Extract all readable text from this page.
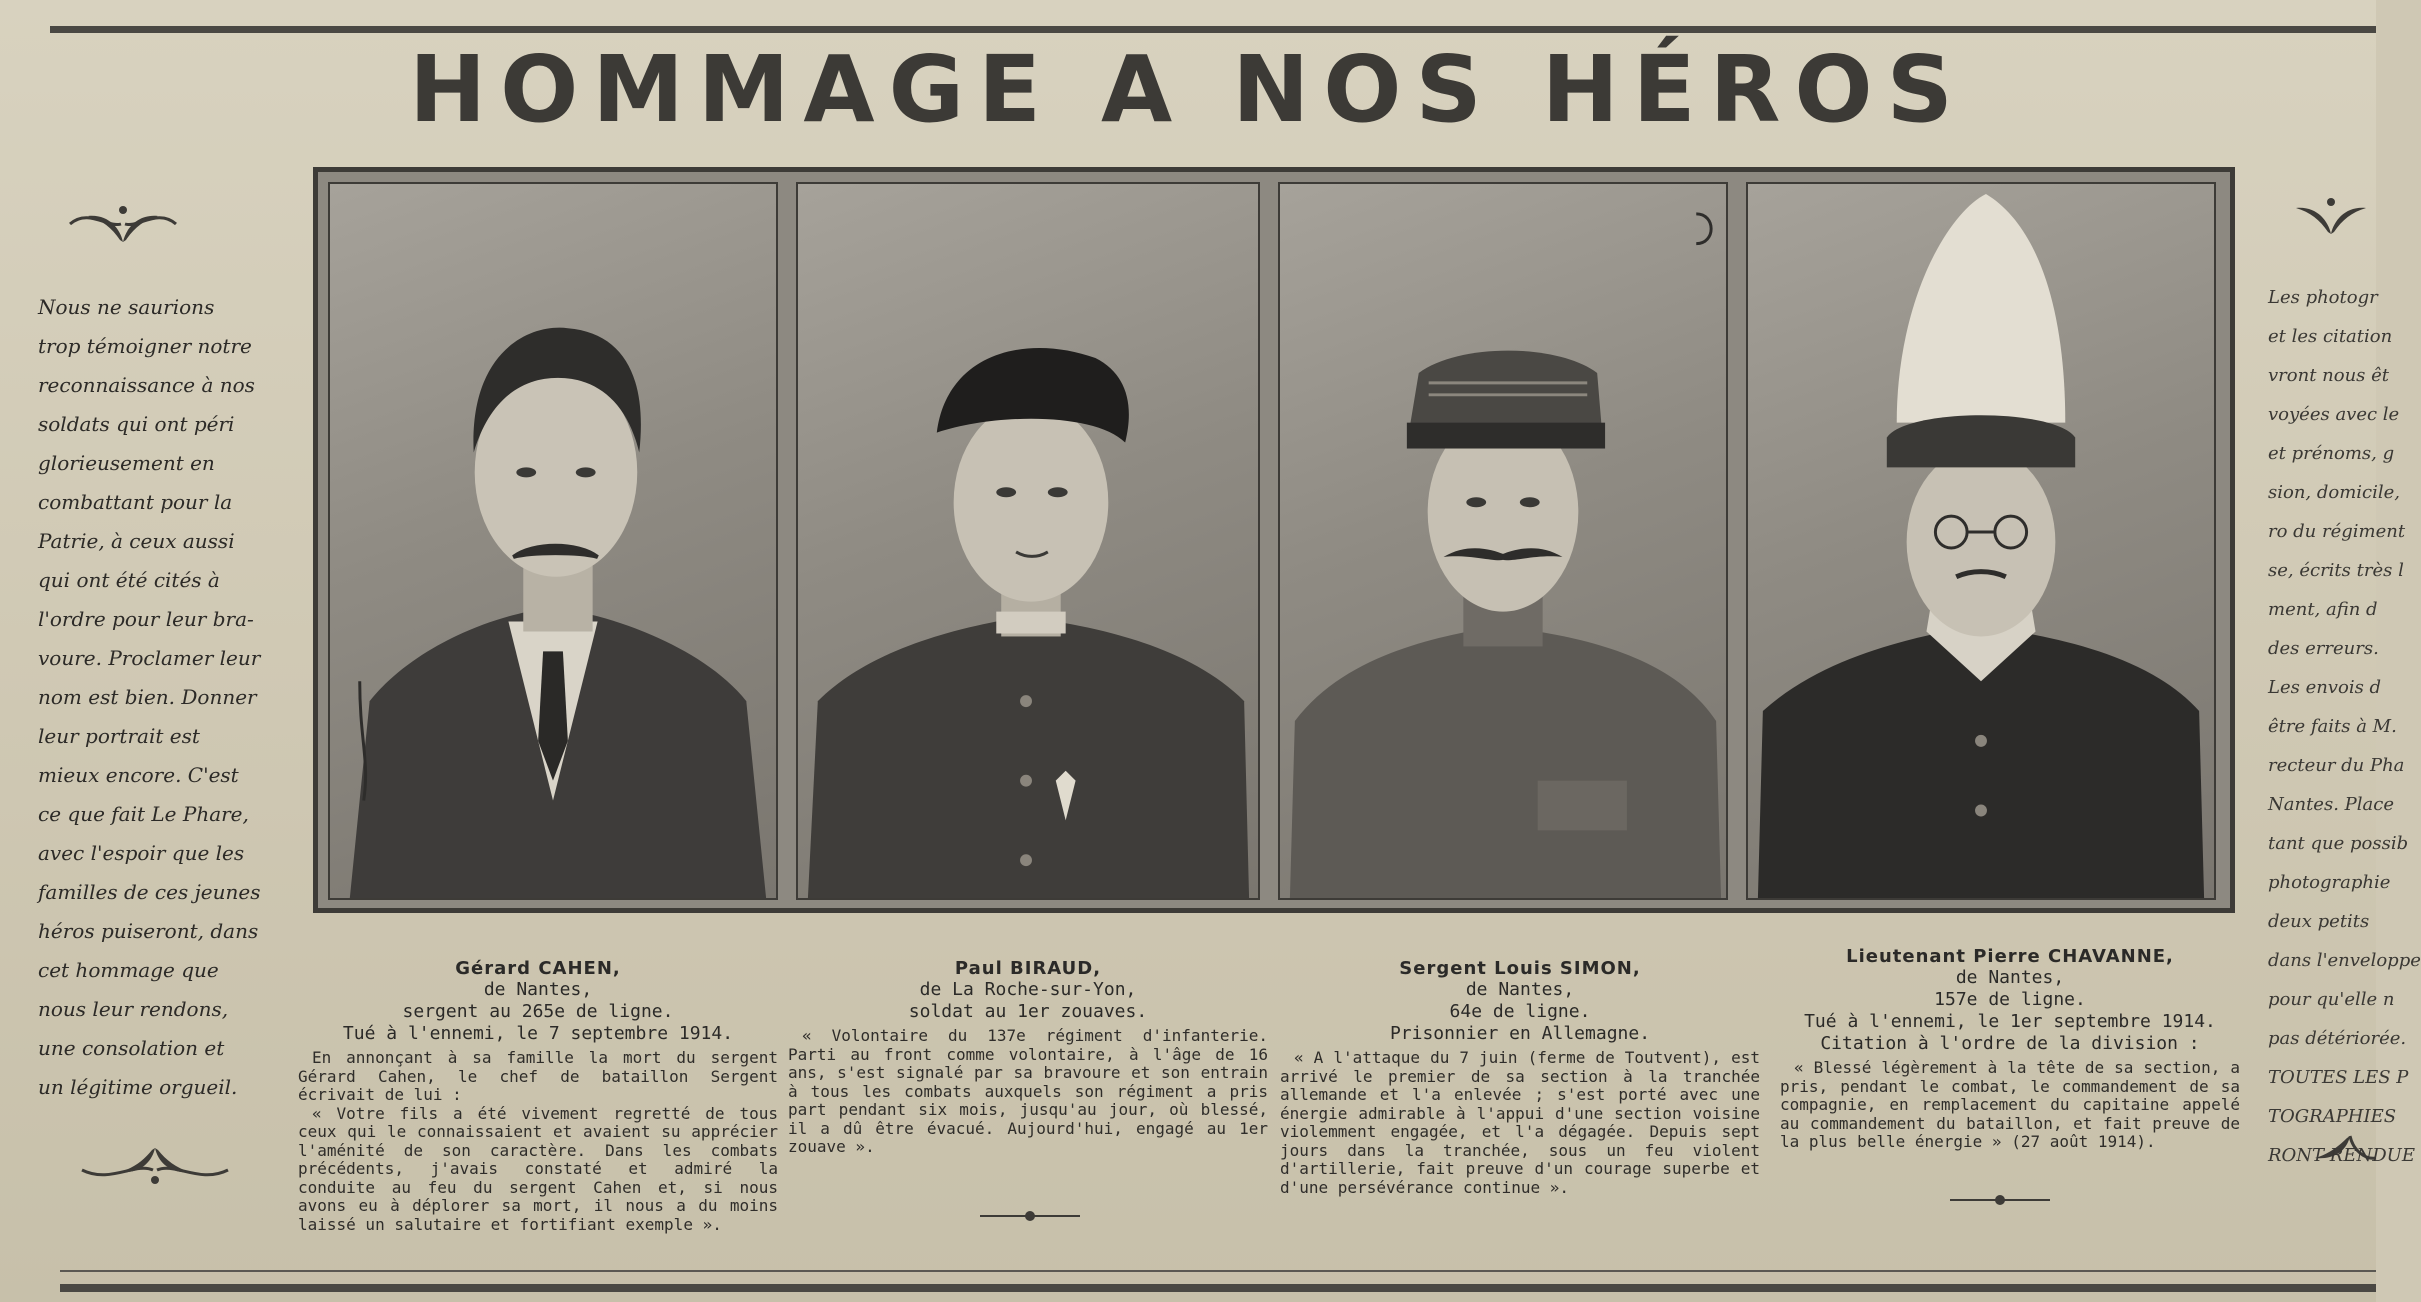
HOMMAGE A NOS HÉROS
Nous ne saurions
trop témoigner notre
reconnaissance à nos
soldats qui ont péri
glorieusement en
combattant pour la
Patrie, à ceux aussi
qui ont été cités à
l'ordre pour leur bra-
voure. Proclamer leur
nom est bien. Donner
leur portrait est
mieux encore. C'est
ce que fait Le Phare,
avec l'espoir que les
familles de ces jeunes
héros puiseront, dans
cet hommage que
nous leur rendons,
une consolation et
un légitime orgueil.
Les photogr
et les citation
vront nous êt
voyées avec le
et prénoms, g
sion, domicile,
ro du régiment
se, écrits très l
ment, afin d
des erreurs.
Les envois d
être faits à M.
recteur du Pha
Nantes. Place
tant que possib
photographie
deux petits
dans l'enveloppe
pour qu'elle n
pas détériorée.
TOUTES LES P
TOGRAPHIES
RONT RENDUE
Gérard CAHEN,
de Nantes,
sergent au 265e de ligne.
Tué à l'ennemi, le 7 septembre 1914.

En annonçant à sa famille la mort du sergent Gérard Cahen, le chef de bataillon Sergent écrivait de lui :

« Votre fils a été vivement regretté de tous ceux qui le connaissaient et avaient su apprécier l'aménité de son caractère. Dans les combats précédents, j'avais constaté et admiré la conduite au feu du sergent Cahen et, si nous avons eu à déplorer sa mort, il nous a du moins laissé un salutaire et fortifiant exemple ».

Paul BIRAUD,
de La Roche-sur-Yon,
soldat au 1er zouaves.

« Volontaire du 137e régiment d'infanterie. Parti au front comme volontaire, à l'âge de 16 ans, s'est signalé par sa bravoure et son entrain à tous les combats auxquels son régiment a pris part pendant six mois, jusqu'au jour, où blessé, il a dû être évacué. Aujourd'hui, engagé au 1er zouave ».

Sergent Louis SIMON,
de Nantes,
64e de ligne.
Prisonnier en Allemagne.

« A l'attaque du 7 juin (ferme de Toutvent), est arrivé le premier de sa section à la tranchée allemande et l'a enlevée ; s'est porté avec une énergie admirable à l'appui d'une section voisine violemment engagée, et l'a dégagée. Depuis sept jours dans la tranchée, sous un feu violent d'artillerie, fait preuve d'un courage superbe et d'une persévérance continue ».

Lieutenant Pierre CHAVANNE,
de Nantes,
157e de ligne.
Tué à l'ennemi, le 1er septembre 1914.
Citation à l'ordre de la division :

« Blessé légèrement à la tête de sa section, a pris, pendant le combat, le commandement de sa compagnie, en remplacement du capitaine appelé au commandement du bataillon, et fait preuve de la plus belle énergie » (27 août 1914).
